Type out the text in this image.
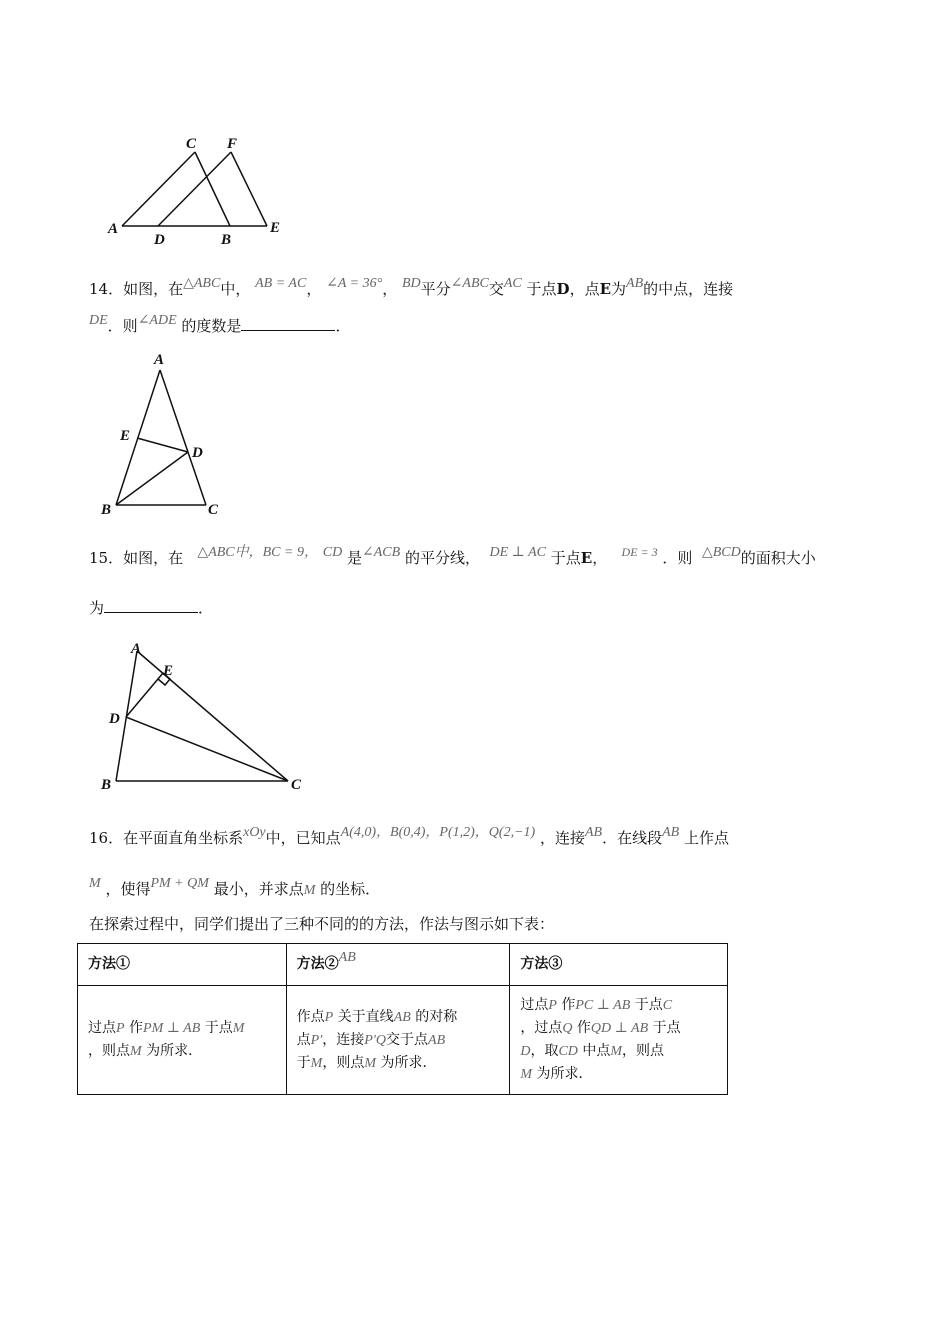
C F
A
D	B
E
14．如图，在△ABC中， AB = AC， ∠A = 36°， BD平分∠ABC交AC 于点D，点E为AB的中点，连接
DE．则∠ADE 的度数是	．
A
E
D
B	C
15．如图，在 △ABC中，BC = 9， CD 是∠ACB 的平分线， DE ⊥ AC 于点E， $^{DE = 3}$ ．则 △BCD的面积大小
为	．
A
E
D
B	C
16．在平面直角坐标系xOy中，已知点A(4,0)，B(0,4)，P(1,2)，Q(2,−1) ，连接AB．在线段AB 上作点
M ，使得PM + QM 最小，并求点M 的坐标．
在探索过程中，同学们提出了三种不同的的方法，作法与图示如下表：
方法①	方法②AB	方法③
过点P 作PM ⊥ AB 于点M
，则点M 为所求．	作点P 关于直线AB 的对称
点P′，连接P′Q交于点AB
于M，则点M 为所求．	过点P 作PC ⊥ AB 于点C
，过点Q 作QD ⊥ AB 于点
D，取CD 中点M，则点
M 为所求．
